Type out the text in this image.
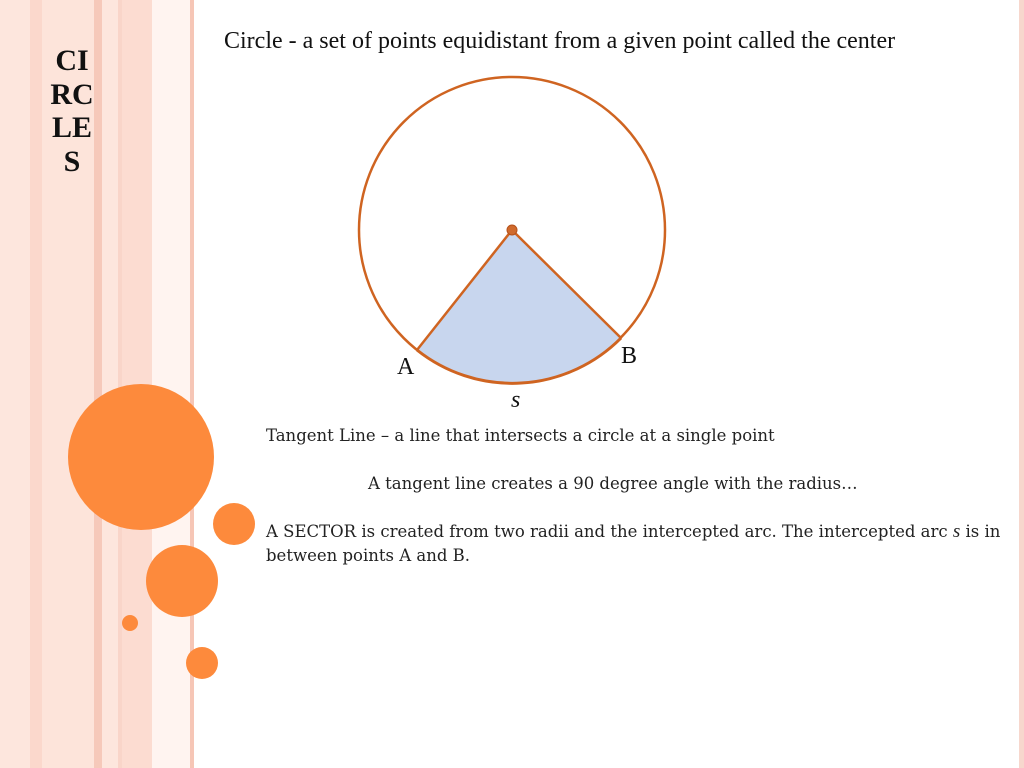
CIRCLES
Circle - a set of points equidistant from a given point called the center
A	B
s
Tangent Line – a line that intersects a circle at a single point
A tangent line creates a 90 degree angle with the radius…
A SECTOR is created from two radii and the intercepted arc. The intercepted arc s is in between points A and B.
